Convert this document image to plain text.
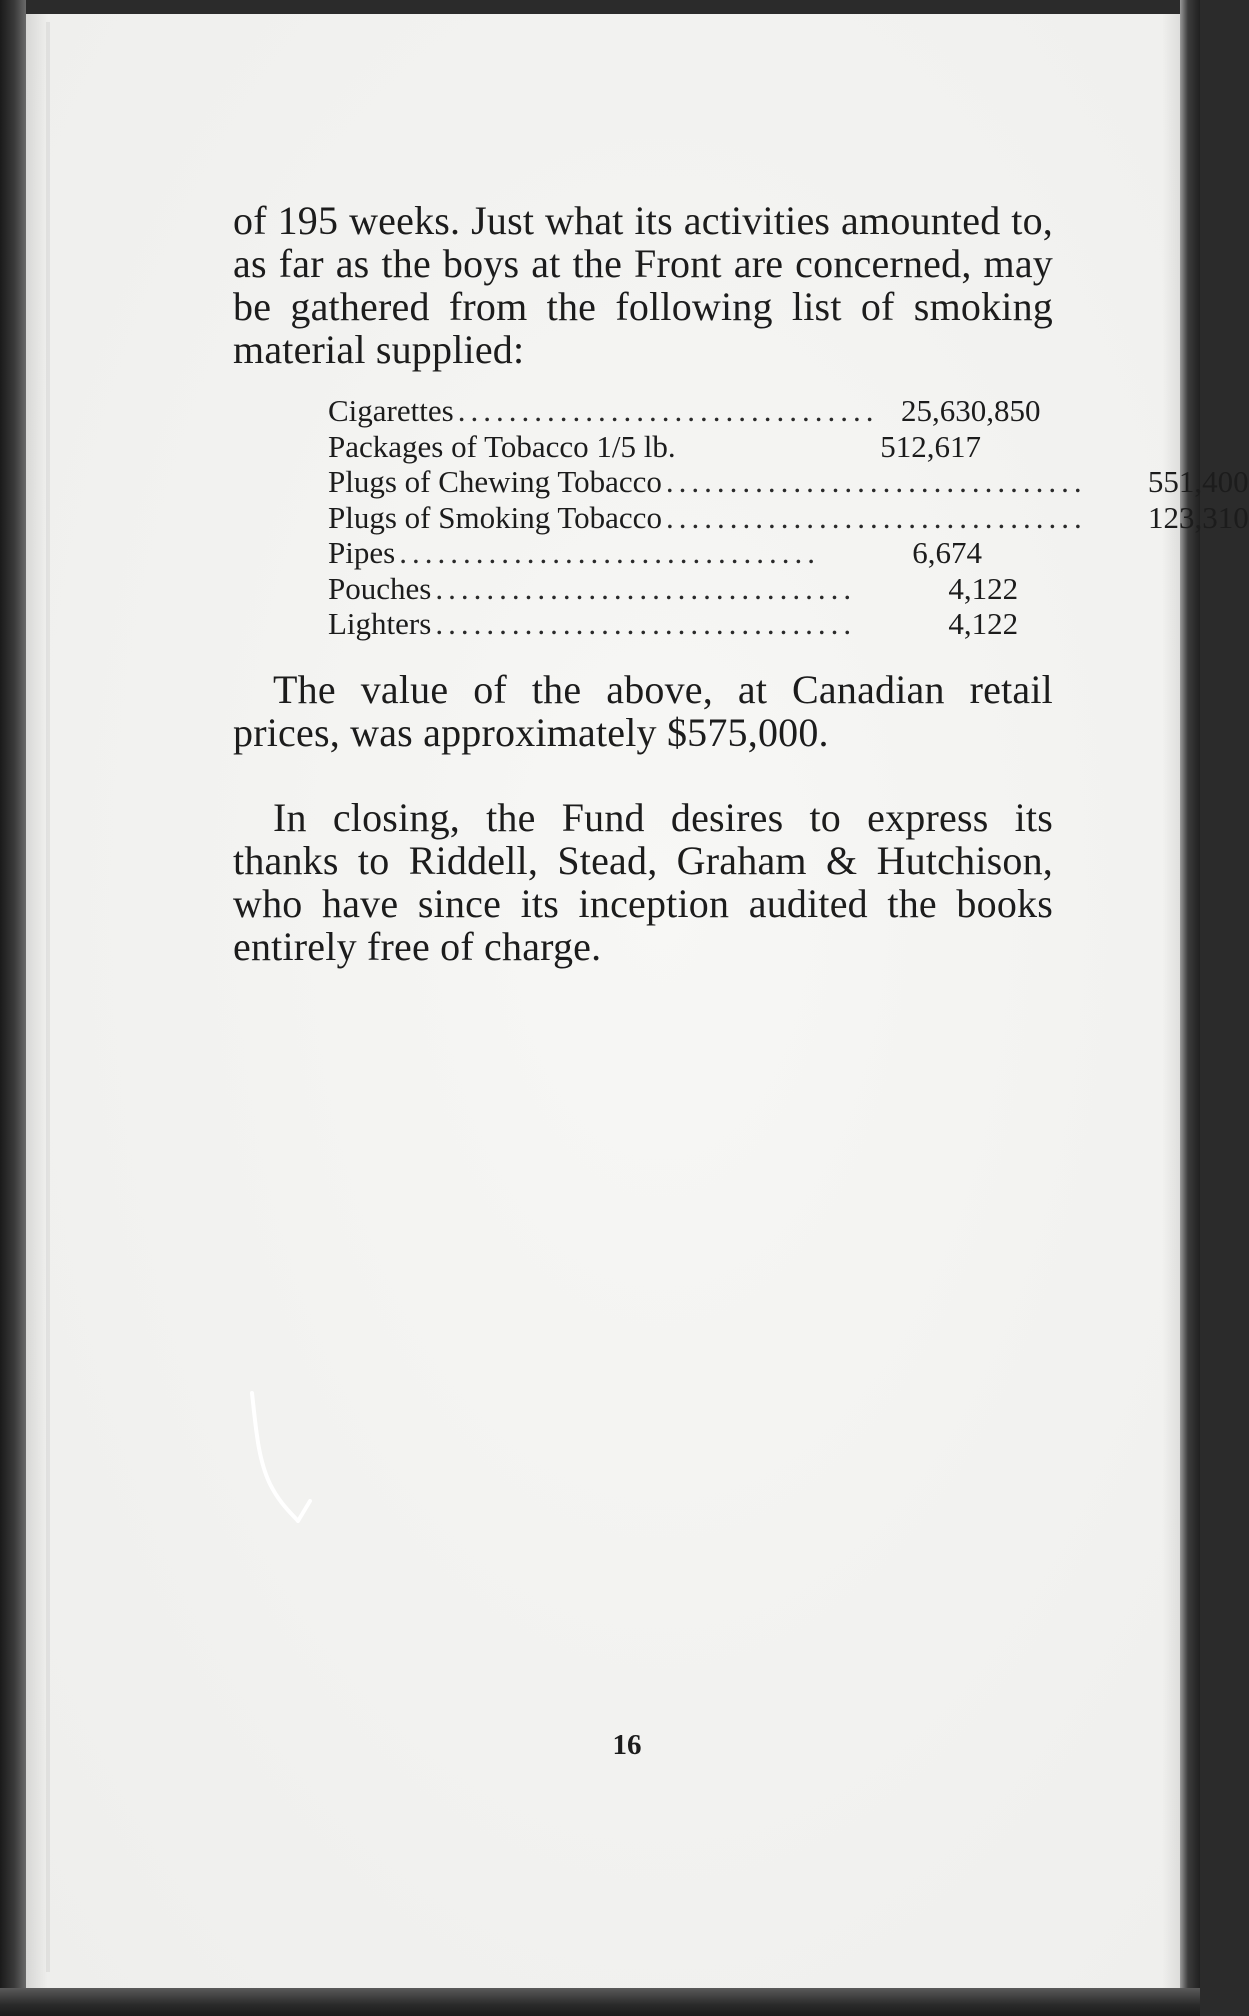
of 195 weeks. Just what its activities amounted to, as far as the boys at the Front are concerned, may be gathered from the following list of smoking material supplied:

Cigarettes ................................. 25,630,850
Packages of Tobacco 1/5 lb.	512,617
Plugs of Chewing Tobacco .................................	551,400
Plugs of Smoking Tobacco .................................	123,310
Pipes .................................	6,674
Pouches .................................	4,122
Lighters .................................	4,122

The value of the above, at Canadian retail prices, was approximately $575,000.

In closing, the Fund desires to express its thanks to Riddell, Stead, Graham & Hutchison, who have since its inception audited the books entirely free of charge.

16
